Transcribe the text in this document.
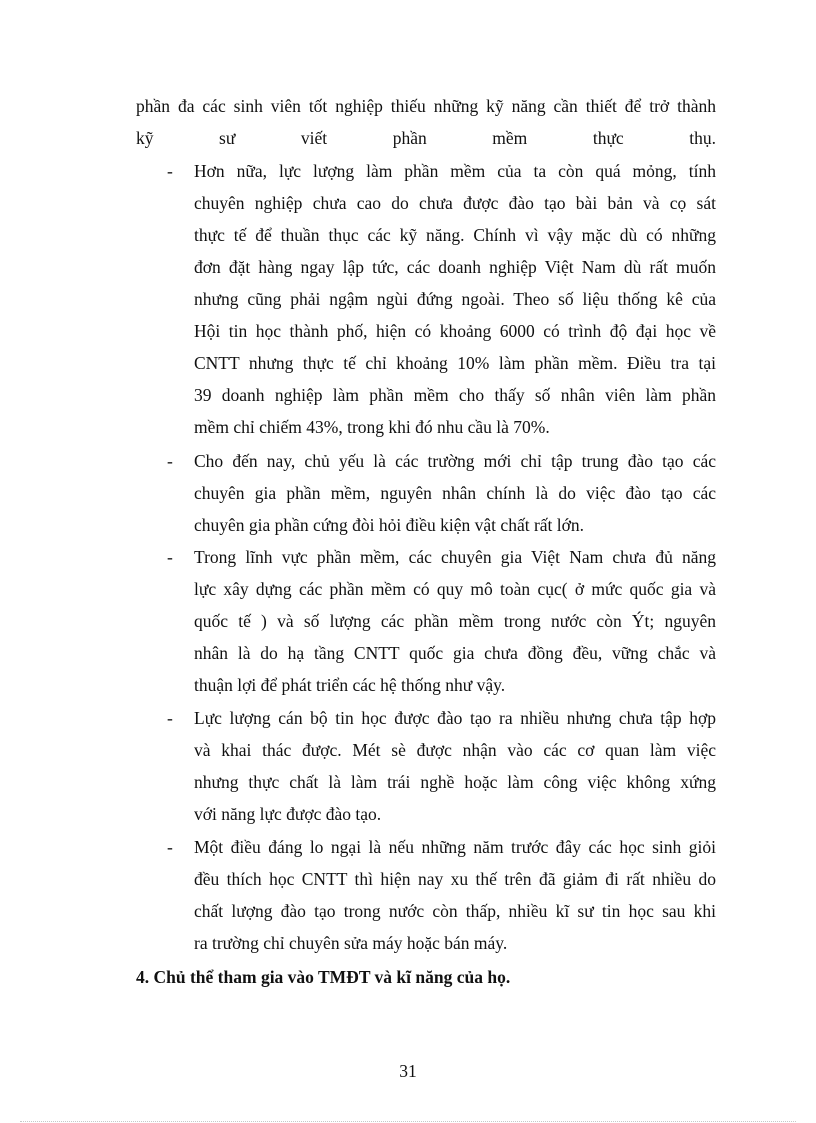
phần đa các sinh viên tốt nghiệp thiếu những kỹ năng cần thiết để trở thành
kỹ sư viết phần mềm thực thụ.
- Hơn nữa, lực lượng làm phần mềm của ta còn quá mỏng, tính
chuyên nghiệp chưa cao do chưa được đào tạo bài bản và cọ sát
thực tế để thuần thục các kỹ năng. Chính vì vậy mặc dù có những
đơn đặt hàng ngay lập tức, các doanh nghiệp Việt Nam dù rất muốn
nhưng cũng phải ngậm ngùi đứng ngoài. Theo số liệu thống kê của
Hội tin học thành phố, hiện có khoảng 6000 có trình độ đại học về
CNTT nhưng thực tế chỉ khoảng 10% làm phần mềm. Điều tra tại
39 doanh nghiệp làm phần mềm cho thấy số nhân viên làm phần
mềm chỉ chiếm 43%, trong khi đó nhu cầu là 70%.
- Cho đến nay, chủ yếu là các trường mới chỉ tập trung đào tạo các
chuyên gia phần mềm, nguyên nhân chính là do việc đào tạo các
chuyên gia phần cứng đòi hỏi điều kiện vật chất rất lớn.
- Trong lĩnh vực phần mềm, các chuyên gia Việt Nam chưa đủ năng
lực xây dựng các phần mềm có quy mô toàn cục( ở mức quốc gia và
quốc tế ) và số lượng các phần mềm trong nước còn Ýt; nguyên
nhân là do hạ tầng CNTT quốc gia chưa đồng đều, vững chắc và
thuận lợi để phát triển các hệ thống như vậy.
- Lực lượng cán bộ tin học được đào tạo ra nhiều nhưng chưa tập hợp
và khai thác được. Mét sè được nhận vào các cơ quan làm việc
nhưng thực chất là làm trái nghề hoặc làm công việc không xứng
với năng lực được đào tạo.
- Một điều đáng lo ngại là nếu những năm trước đây các học sinh giỏi
đều thích học CNTT thì hiện nay xu thế trên đã giảm đi rất nhiều do
chất lượng đào tạo trong nước còn thấp, nhiều kĩ sư tin học sau khi
ra trường chỉ chuyên sửa máy hoặc bán máy.
4. Chủ thể tham gia vào TMĐT và kĩ năng của họ.
31
